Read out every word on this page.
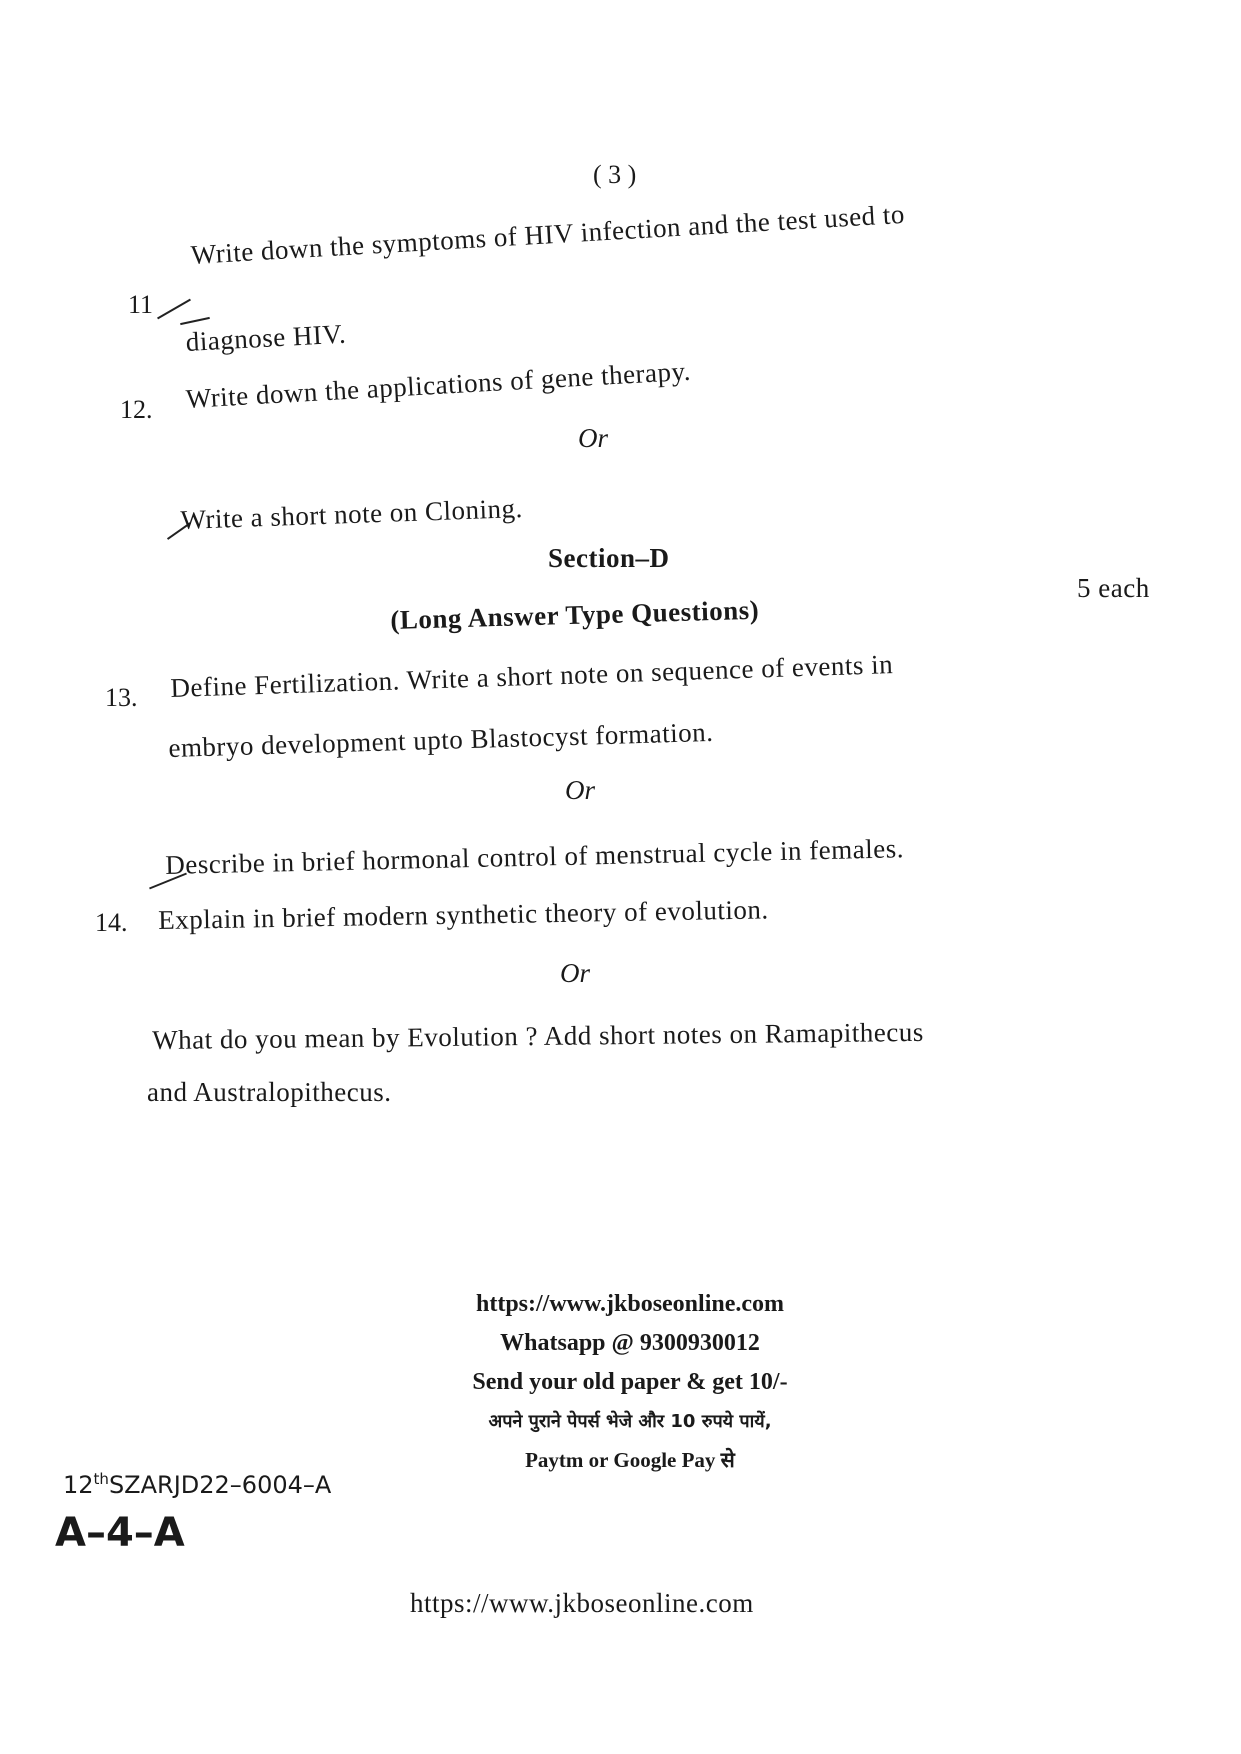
( 3 )
11
Write down the symptoms of HIV infection and the test used to
diagnose HIV.
12. Write down the applications of gene therapy.
Or
Write a short note on Cloning.
Section–D
(Long Answer Type Questions)
5 each
13. Define Fertilization. Write a short note on sequence of events in
embryo development upto Blastocyst formation.
Or
Describe in brief hormonal control of menstrual cycle in females.
14. Explain in brief modern synthetic theory of evolution.
Or
What do you mean by Evolution ? Add short notes on Ramapithecus
and Australopithecus.
https://www.jkboseonline.com
Whatsapp @ 9300930012
Send your old paper & get 10/-
अपने पुराने पेपर्स भेजे और 10 रुपये पायें,
Paytm or Google Pay से
12thSZARJD22–6004–A
A–4–A
https://www.jkboseonline.com
